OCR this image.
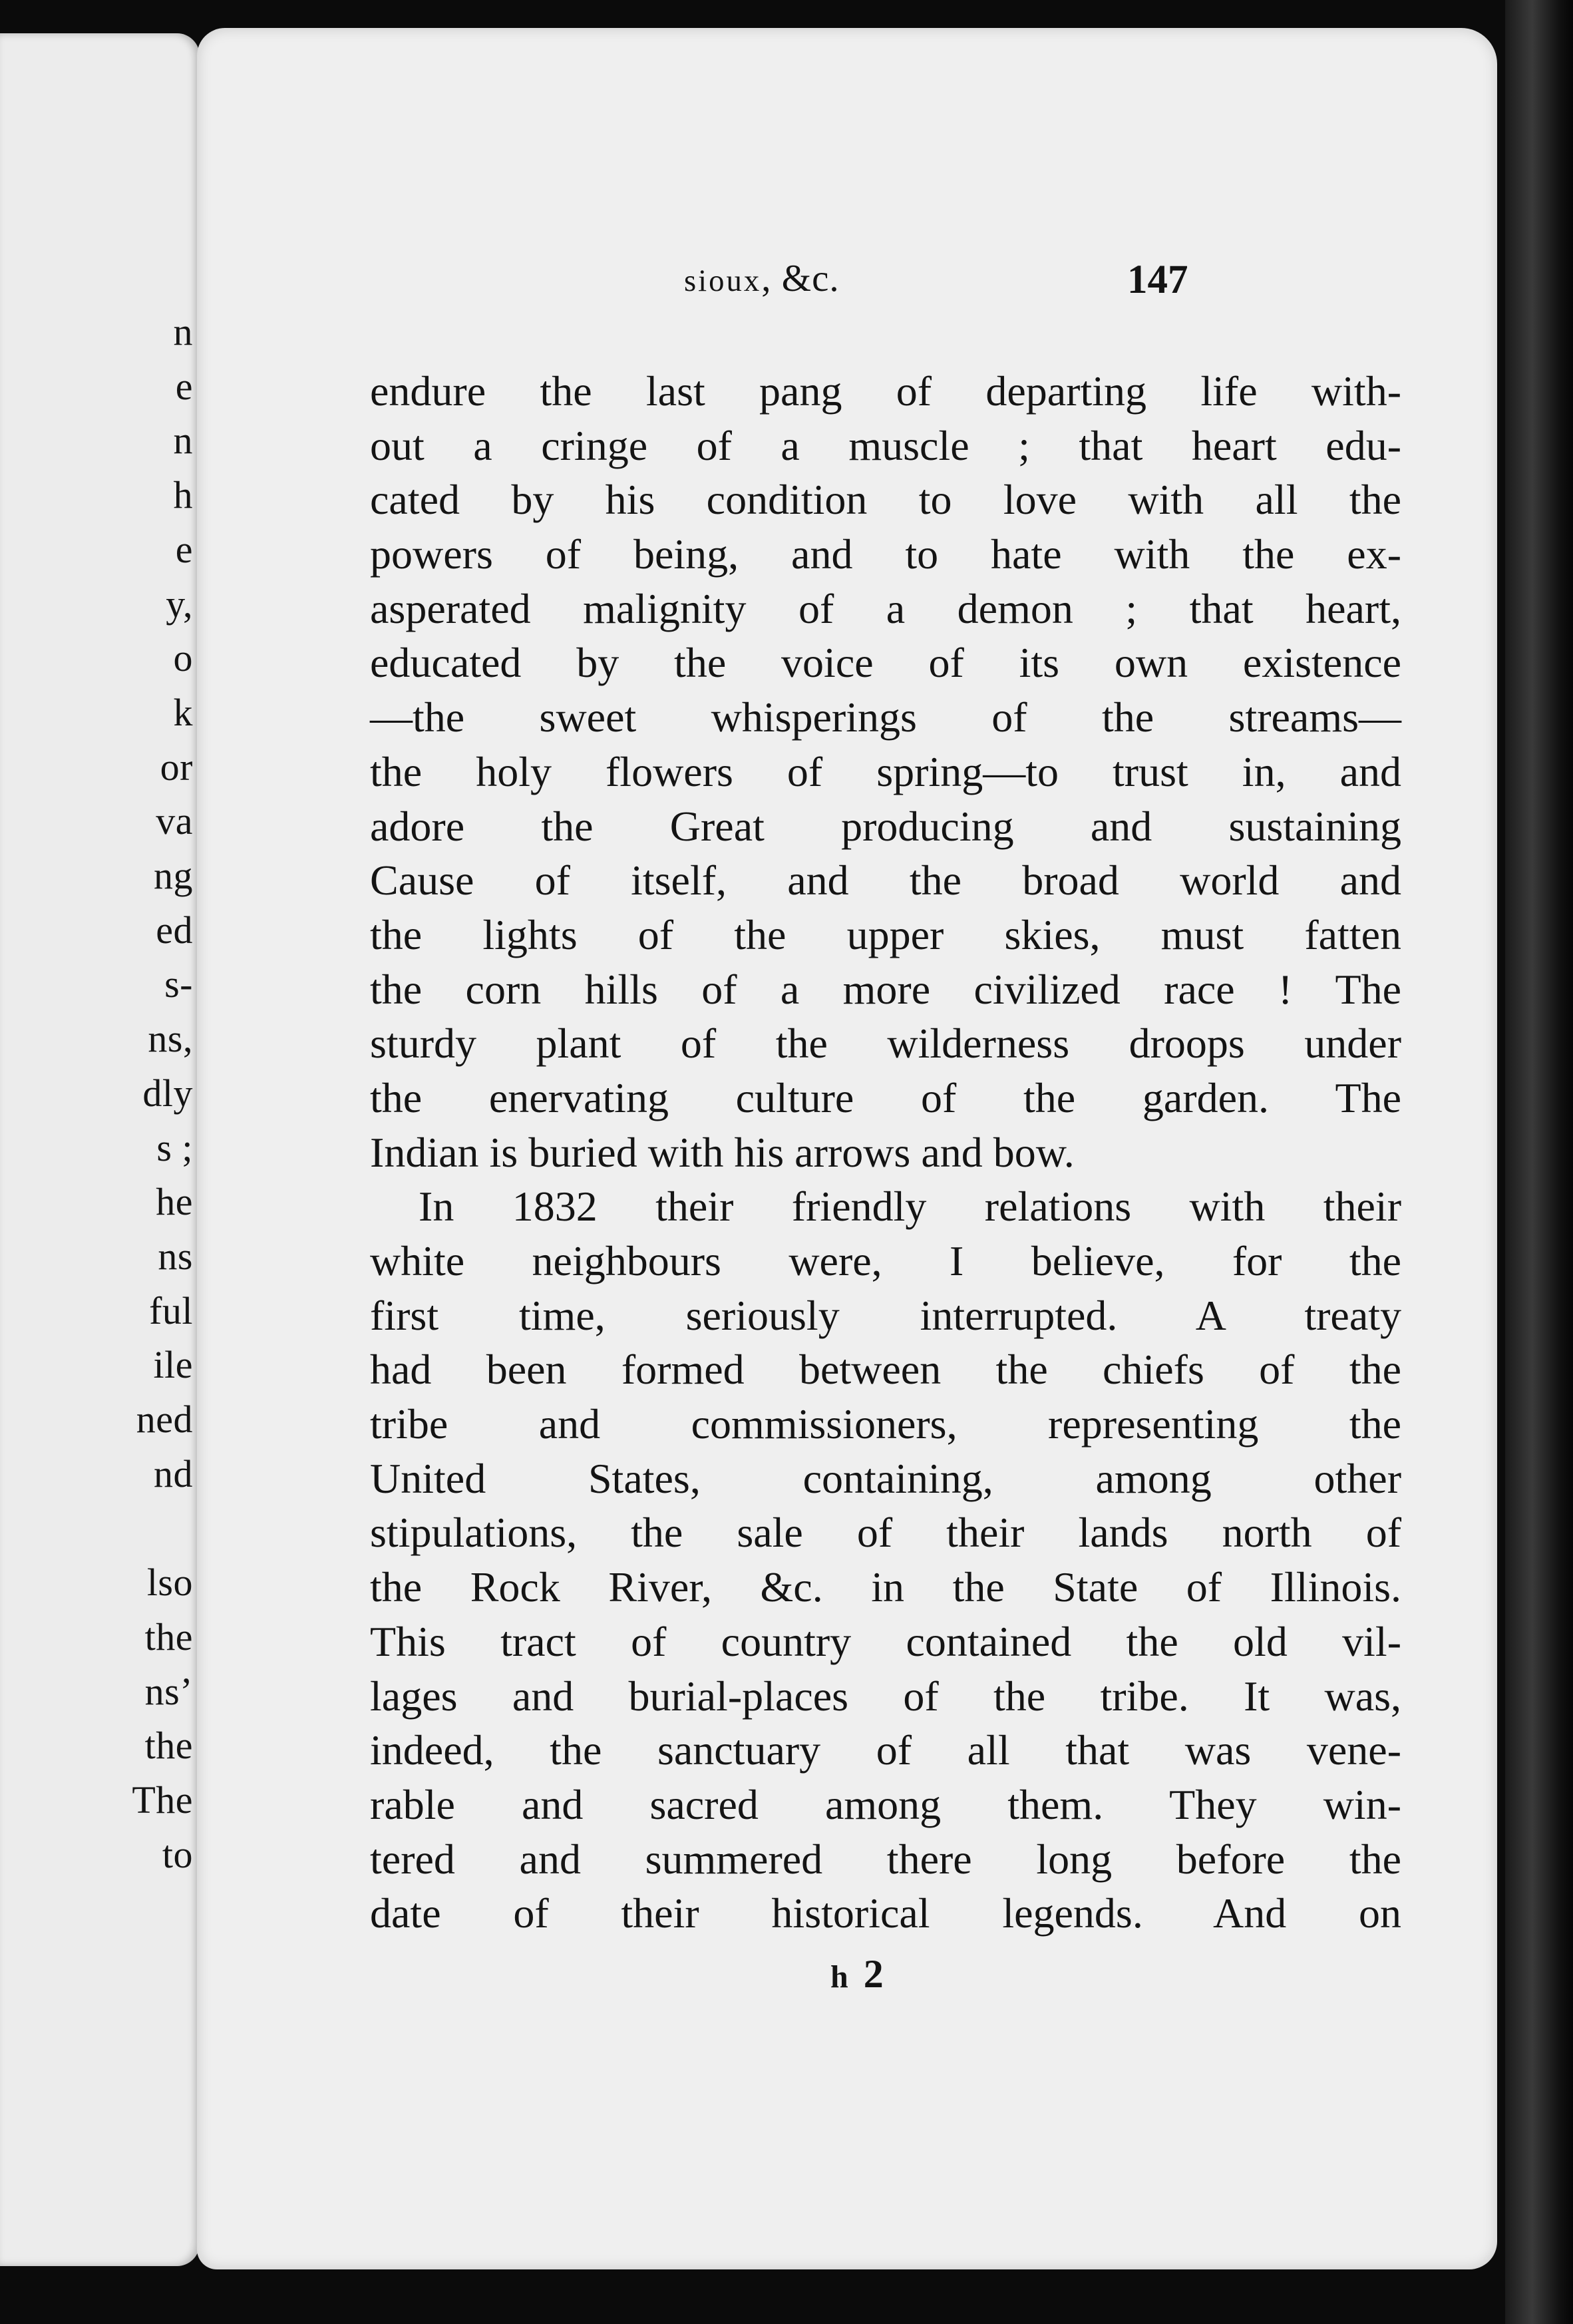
n
e
n
h
e
y,
o
k
or
va
ng
ed
s-
ns,
dly
s ;
he
ns
ful
ile
ned
nd
lso
the
ns’
the
The
to
sioux, &c.	147
endure the last pang of departing life with-
out a cringe of a muscle ; that heart edu-
cated by his condition to love with all the
powers of being, and to hate with the ex-
asperated malignity of a demon ; that heart,
educated by the voice of its own existence
—the sweet whisperings of the streams—
the holy flowers of spring—to trust in, and
adore the Great producing and sustaining
Cause of itself, and the broad world and
the lights of the upper skies, must fatten
the corn hills of a more civilized race ! The
sturdy plant of the wilderness droops under
the enervating culture of the garden. The
Indian is buried with his arrows and bow.
In 1832 their friendly relations with their
white neighbours were, I believe, for the
first time, seriously interrupted. A treaty
had been formed between the chiefs of the
tribe and commissioners, representing the
United States, containing, among other
stipulations, the sale of their lands north of
the Rock River, &c. in the State of Illinois.
This tract of country contained the old vil-
lages and burial-places of the tribe. It was,
indeed, the sanctuary of all that was vene-
rable and sacred among them. They win-
tered and summered there long before the
date of their historical legends. And on
h 2
